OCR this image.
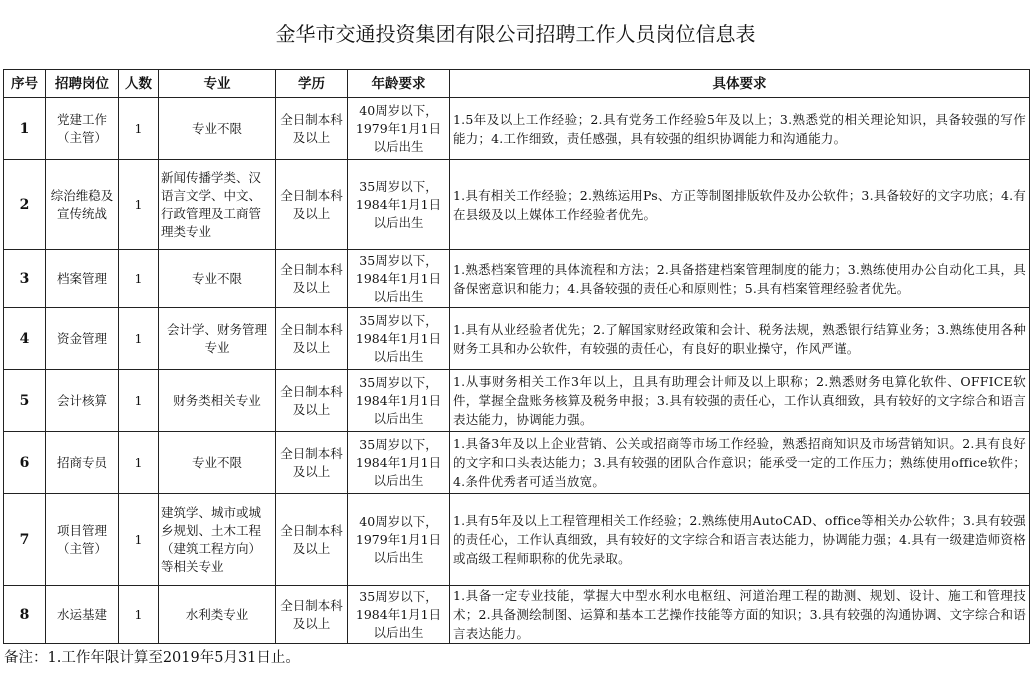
金华市交通投资集团有限公司招聘工作人员岗位信息表
序号	招聘岗位	人数	专业	学历	年龄要求	具体要求
1	党建工作（主管）	1	专业不限	全日制本科及以上	40周岁以下，1979年1月1日以后出生	1.5年及以上工作经验；2.具有党务工作经验5年及以上；3.熟悉党的相关理论知识，具备较强的写作能力；4.工作细致，责任感强，具有较强的组织协调能力和沟通能力。
2	综治维稳及宣传统战	1	新闻传播学类、汉语言文学、中文、行政管理及工商管理类专业	全日制本科及以上	35周岁以下，1984年1月1日以后出生	1.具有相关工作经验；2.熟练运用Ps、方正等制图排版软件及办公软件；3.具备较好的文字功底；4.有在县级及以上媒体工作经验者优先。
3	档案管理	1	专业不限	全日制本科及以上	35周岁以下，1984年1月1日以后出生	1.熟悉档案管理的具体流程和方法；2.具备搭建档案管理制度的能力；3.熟练使用办公自动化工具，具备保密意识和能力；4.具备较强的责任心和原则性；5.具有档案管理经验者优先。
4	资金管理	1	会计学、财务管理专业	全日制本科及以上	35周岁以下，1984年1月1日以后出生	1.具有从业经验者优先；2.了解国家财经政策和会计、税务法规，熟悉银行结算业务；3.熟练使用各种财务工具和办公软件，有较强的责任心，有良好的职业操守，作风严谨。
5	会计核算	1	财务类相关专业	全日制本科及以上	35周岁以下，1984年1月1日以后出生	1.从事财务相关工作3年以上，且具有助理会计师及以上职称；2.熟悉财务电算化软件、OFFICE软件，掌握全盘账务核算及税务申报；3.具有较强的责任心，工作认真细致，具有较好的文字综合和语言表达能力，协调能力强。
6	招商专员	1	专业不限	全日制本科及以上	35周岁以下，1984年1月1日以后出生	1.具备3年及以上企业营销、公关或招商等市场工作经验，熟悉招商知识及市场营销知识。2.具有良好的文字和口头表达能力；3.具有较强的团队合作意识；能承受一定的工作压力；熟练使用office软件；4.条件优秀者可适当放宽。
7	项目管理（主管）	1	建筑学、城市或城乡规划、土木工程（建筑工程方向）等相关专业	全日制本科及以上	40周岁以下，1979年1月1日以后出生	1.具有5年及以上工程管理相关工作经验；2.熟练使用AutoCAD、office等相关办公软件；3.具有较强的责任心，工作认真细致，具有较好的文字综合和语言表达能力，协调能力强；4.具有一级建造师资格或高级工程师职称的优先录取。
8	水运基建	1	水利类专业	全日制本科及以上	35周岁以下，1984年1月1日以后出生	1.具备一定专业技能，掌握大中型水利水电枢纽、河道治理工程的勘测、规划、设计、施工和管理技术；2.具备测绘制图、运算和基本工艺操作技能等方面的知识；3.具有较强的沟通协调、文字综合和语言表达能力。
备注：1.工作年限计算至2019年5月31日止。
